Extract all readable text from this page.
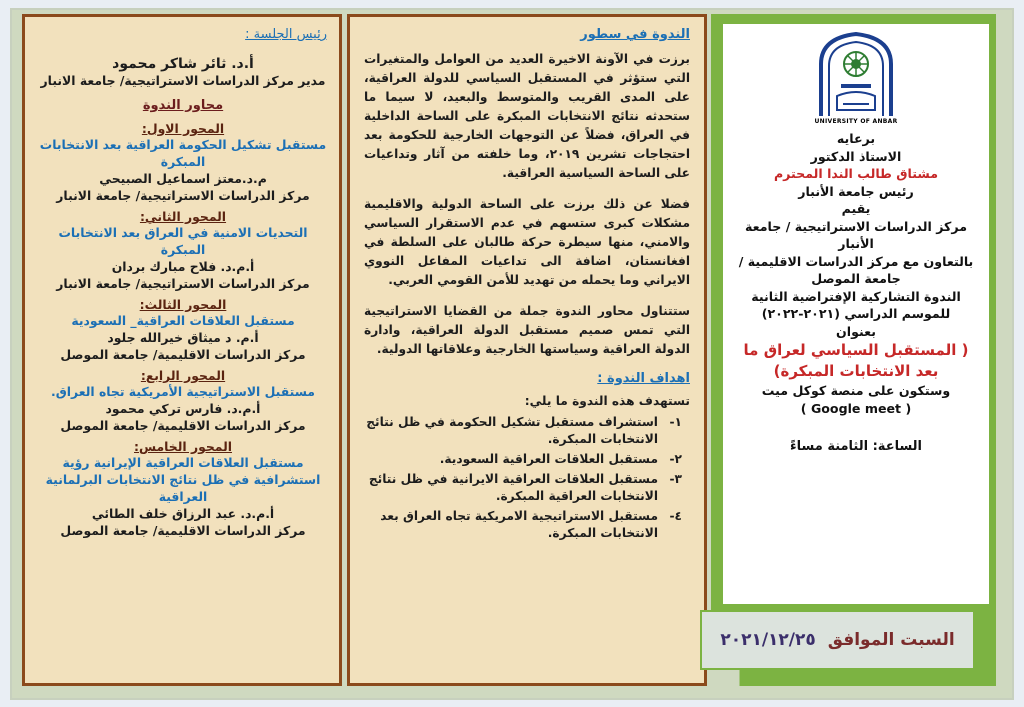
رئيس الجلسة :
أ.د. ثائر شاكر محمود
مدير مركز الدراسات الاستراتيجية/ جامعة الانبار
محاور الندوة
المحور الاول:
مستقبل تشكيل الحكومة العراقية بعد الانتخابات المبكرة
م.د.معتز اسماعيل الصبيحي
مركز الدراسات الاستراتيجية/ جامعة الانبار
المحور الثاني:
التحديات الامنية في العراق بعد الانتخابات المبكرة
أ.م.د. فلاح مبارك بردان
مركز الدراسات الاستراتيجية/ جامعة الانبار
المحور الثالث:
مستقبل العلاقات العراقية_ السعودية
أ.م. د ميثاق خيرالله جلود
مركز الدراسات الاقليمية/ جامعة الموصل
المحور الرابع:
مستقبل الاستراتيجية الأمريكية تجاه العراق.
أ.م.د. فارس تركي محمود
مركز الدراسات الاقليمية/ جامعة الموصل
المحور الخامس:
مستقبل العلاقات العراقية الإيرانية رؤية استشرافية في ظل نتائج الانتخابات البرلمانية العراقية
أ.م.د. عبد الرزاق خلف الطائي
مركز الدراسات الاقليمية/ جامعة الموصل
الندوة في سطور
برزت في الآونة الاخيرة العديد من العوامل والمتغيرات التي ستؤثر في المستقبل السياسي للدولة العراقية، على المدى القريب والمتوسط والبعيد، لا سيما ما ستحدثه نتائج الانتخابات المبكرة على الساحة الداخلية في العراق، فضلاً عن التوجهات الخارجية للحكومة بعد احتجاجات تشرين ٢٠١٩، وما خلفته من آثار وتداعيات على الساحة السياسية العراقية.
فضلا عن ذلك برزت على الساحة الدولية والاقليمية مشكلات كبرى ستسهم في عدم الاستقرار السياسي والامني، منها سيطرة حركة طالبان على السلطة في افغانستان، اضافة الى تداعيات المفاعل النووي الايراني وما يحمله من تهديد للأمن القومي العربي.
ستتناول محاور الندوة جملة من القضايا الاستراتيجية التي تمس صميم مستقبل الدولة العراقية، وادارة الدولة العراقية وسياستها الخارجية وعلاقاتها الدولية.
اهداف الندوة :
تستهدف هذه الندوة ما يلي:
١-
استشراف مستقبل تشكيل الحكومة في ظل نتائج الانتخابات المبكرة.
٢-
مستقبل العلاقات العراقية السعودية.
٣-
مستقبل العلاقات العراقية الايرانية في ظل نتائج الانتخابات العراقية المبكرة.
٤-
مستقبل الاستراتيجية الامريكية تجاه العراق بعد الانتخابات المبكرة.
UNIVERSITY OF ANBAR
برعايه
الاستاذ الدكتور
مشتاق طالب الندا المحترم
رئيس جامعة الأنبار
يقيم
مركز الدراسات الاستراتيجية / جامعة الأنبار
بالتعاون مع مركز الدراسات الاقليمية / جامعة الموصل
الندوة التشاركية الإفتراضية الثانية
للموسم الدراسي (٢٠٢١-٢٠٢٢)
بعنوان
( المستقبل السياسي لعراق ما بعد الانتخابات المبكرة)
وستكون على منصة كوكل ميت
( Google meet )
الساعة: الثامنة مساءً
السبت الموافق
٢٠٢١/١٢/٢٥
